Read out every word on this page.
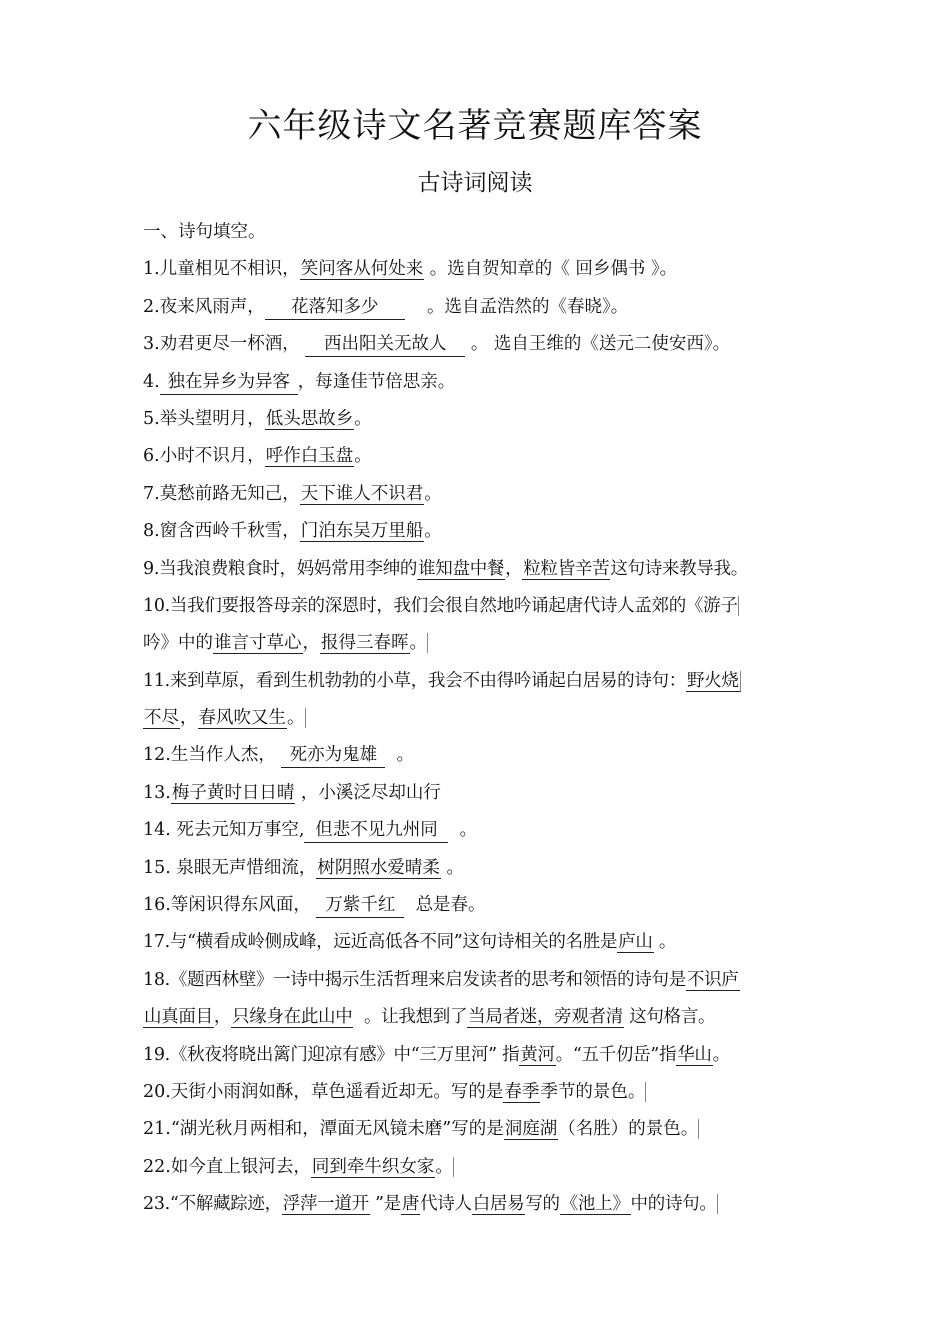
六年级诗文名著竞赛题库答案
古诗词阅读
一、诗句填空。
1.儿童相见不相识，笑问客从何处来 。选自贺知章的《 回乡偶书 》。
2.夜来风雨声， 花落知多少	。选自孟浩然的《春晓》。
3.劝君更尽一杯酒， 西出阳关无故人 。 选自王维的《送元二使安西》。
4. 独在异乡为异客 ，每逢佳节倍思亲。
5.举头望明月，低头思故乡。
6.小时不识月，呼作白玉盘。
7.莫愁前路无知己，天下谁人不识君。
8.窗含西岭千秋雪，门泊东吴万里船。
9.当我浪费粮食时，妈妈常用李绅的谁知盘中餐，粒粒皆辛苦这句诗来教导我。
10.当我们要报答母亲的深恩时，我们会很自然地吟诵起唐代诗人孟郊的《游子
吟》中的谁言寸草心，报得三春晖。
11.来到草原，看到生机勃勃的小草，我会不由得吟诵起白居易的诗句：野火烧
不尽，春风吹又生。
12.生当作人杰， 死亦为鬼雄 。
13.梅子黄时日日晴 ，小溪泛尽却山行
14. 死去元知万事空, 但悲不见九州同 。
15. 泉眼无声惜细流，树阴照水爱晴柔 。
16.等闲识得东风面， 万紫千红 总是春。
17.与“横看成岭侧成峰，远近高低各不同”这句诗相关的名胜是庐山 。
18.《题西林壁》一诗中揭示生活哲理来启发读者的思考和领悟的诗句是不识庐
山真面目，只缘身在此山中 。让我想到了当局者迷，旁观者清 这句格言。
19.《秋夜将晓出篱门迎凉有感》中“三万里河” 指黄河。“五千仞岳”指华山。
20.天街小雨润如酥，草色遥看近却无。写的是春季季节的景色。
21.“湖光秋月两相和，潭面无风镜未磨”写的是洞庭湖（名胜）的景色。
22.如今直上银河去，同到牵牛织女家。
23.“不解藏踪迹，浮萍一道开 ”是唐代诗人白居易写的《池上》中的诗句。
